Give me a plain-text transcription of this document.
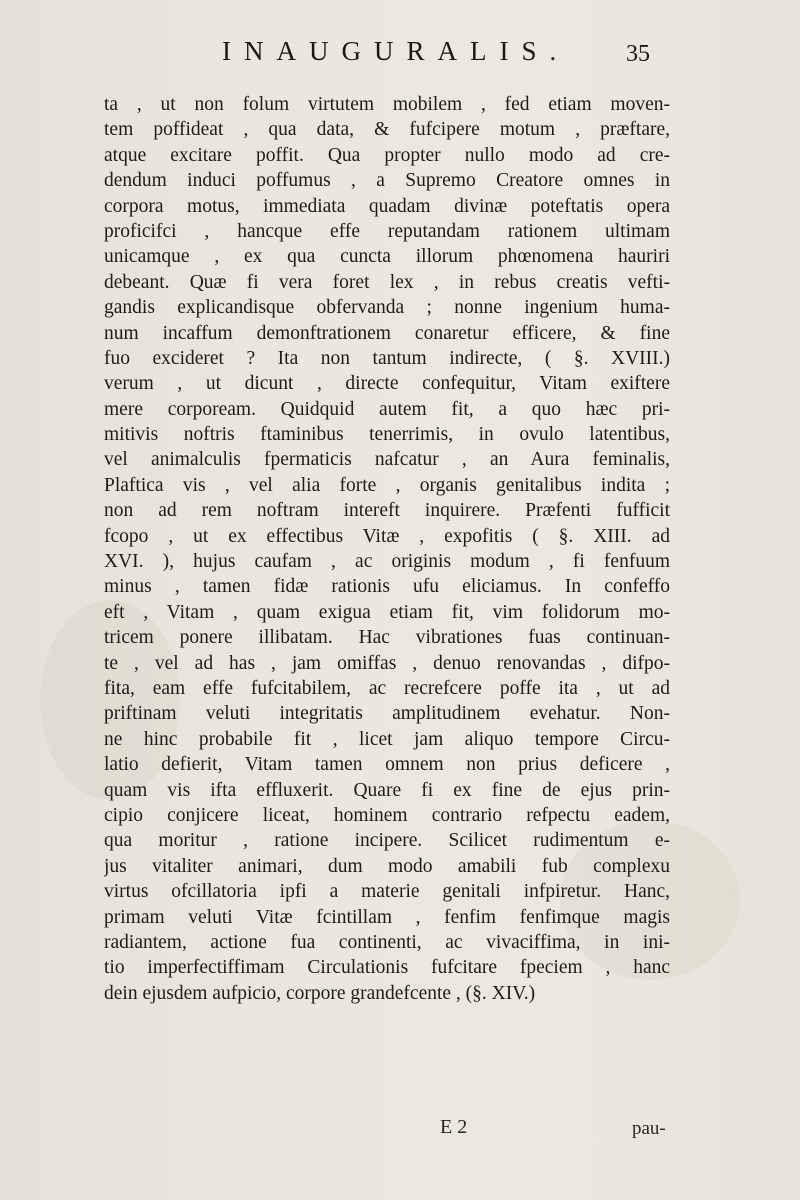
INAUGURALIS. 35
ta , ut non folum virtutem mobilem , fed etiam moven-
tem poffideat , qua data, & fufcipere motum , præftare,
atque excitare poffit. Qua propter nullo modo ad cre-
dendum induci poffumus , a Supremo Creatore omnes in
corpora motus, immediata quadam divinæ poteftatis opera
proficifci , hancque effe reputandam rationem ultimam
unicamque , ex qua cuncta illorum phœnomena hauriri
debeant. Quæ fi vera foret lex , in rebus creatis vefti-
gandis explicandisque obfervanda ; nonne ingenium huma-
num incaffum demonftrationem conaretur efficere, & fine
fuo excideret ? Ita non tantum indirecte, ( §. XVIII.)
verum , ut dicunt , directe confequitur, Vitam exiftere
mere corpoream. Quidquid autem fit, a quo hæc pri-
mitivis noftris ftaminibus tenerrimis, in ovulo latentibus,
vel animalculis fpermaticis nafcatur , an Aura feminalis,
Plaftica vis , vel alia forte , organis genitalibus indita ;
non ad rem noftram intereft inquirere. Præfenti fufficit
fcopo , ut ex effectibus Vitæ , expofitis ( §. XIII. ad
XVI. ), hujus caufam , ac originis modum , fi fenfuum
minus , tamen fidæ rationis ufu eliciamus. In confeffo
eft , Vitam , quam exigua etiam fit, vim folidorum mo-
tricem ponere illibatam. Hac vibrationes fuas continuan-
te , vel ad has , jam omiffas , denuo renovandas , difpo-
fita, eam effe fufcitabilem, ac recrefcere poffe ita , ut ad
priftinam veluti integritatis amplitudinem evehatur. Non-
ne hinc probabile fit , licet jam aliquo tempore Circu-
latio defierit, Vitam tamen omnem non prius deficere ,
quam vis ifta effluxerit. Quare fi ex fine de ejus prin-
cipio conjicere liceat, hominem contrario refpectu eadem,
qua moritur , ratione incipere. Scilicet rudimentum e-
jus vitaliter animari, dum modo amabili fub complexu
virtus ofcillatoria ipfi a materie genitali infpiretur. Hanc,
primam veluti Vitæ fcintillam , fenfim fenfimque magis
radiantem, actione fua continenti, ac vivaciffima, in ini-
tio imperfectiffimam Circulationis fufcitare fpeciem , hanc
dein ejusdem aufpicio, corpore grandefcente , (§. XIV.)
E 2	pau-
